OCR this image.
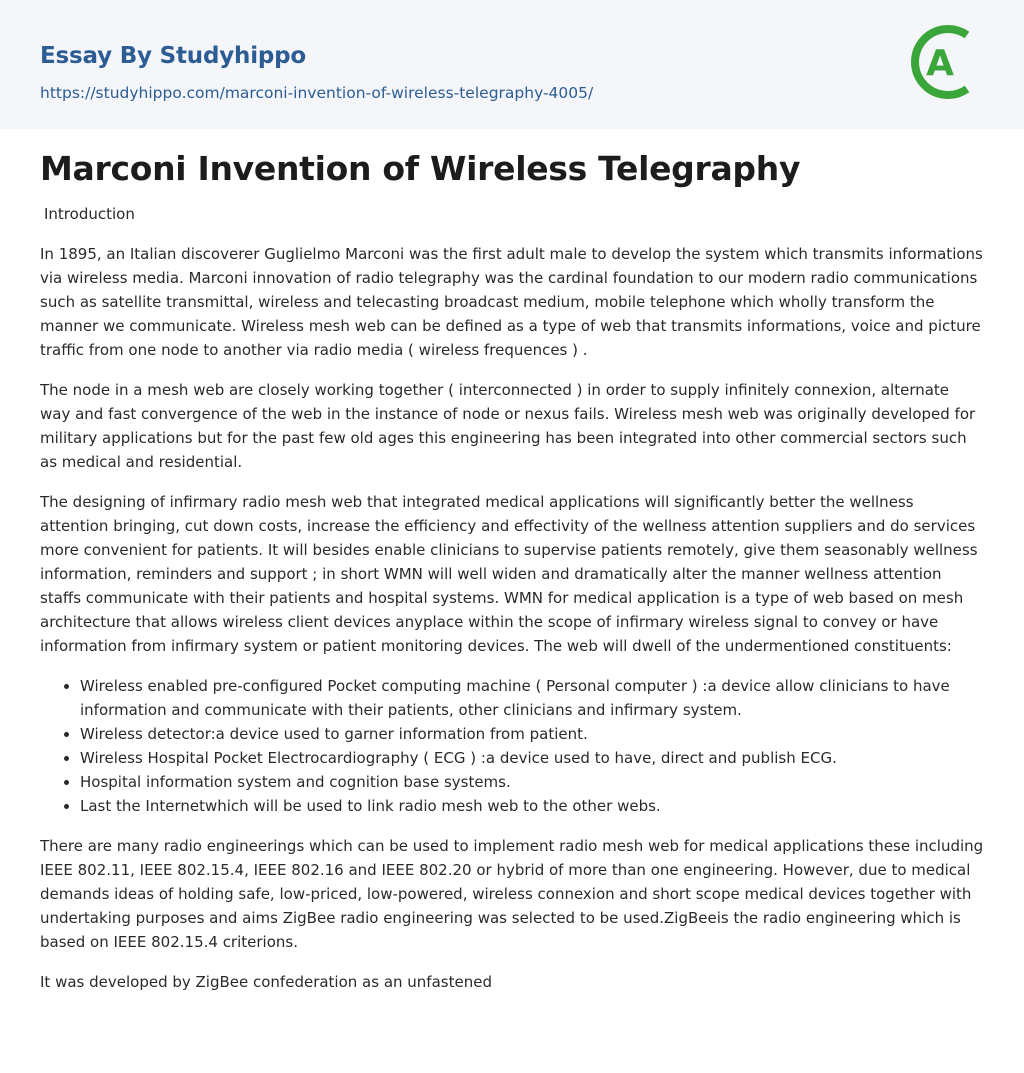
Essay By Studyhippo
https://studyhippo.com/marconi-invention-of-wireless-telegraphy-4005/
A
Marconi Invention of Wireless Telegraphy

Introduction

In 1895, an Italian discoverer Guglielmo Marconi was the first adult male to develop the system which transmits informations via wireless media. Marconi innovation of radio telegraphy was the cardinal foundation to our modern radio communications such as satellite transmittal, wireless and telecasting broadcast medium, mobile telephone which wholly transform the manner we communicate. Wireless mesh web can be defined as a type of web that transmits informations, voice and picture traffic from one node to another via radio media ( wireless frequences ) .

The node in a mesh web are closely working together ( interconnected ) in order to supply infinitely connexion, alternate way and fast convergence of the web in the instance of node or nexus fails. Wireless mesh web was originally developed for military applications but for the past few old ages this engineering has been integrated into other commercial sectors such as medical and residential.

The designing of infirmary radio mesh web that integrated medical applications will significantly better the wellness attention bringing, cut down costs, increase the efficiency and effectivity of the wellness attention suppliers and do services more convenient for patients. It will besides enable clinicians to supervise patients remotely, give them seasonably wellness information, reminders and support ; in short WMN will well widen and dramatically alter the manner wellness attention staffs communicate with their patients and hospital systems. WMN for medical application is a type of web based on mesh architecture that allows wireless client devices anyplace within the scope of infirmary wireless signal to convey or have information from infirmary system or patient monitoring devices. The web will dwell of the undermentioned constituents:

• Wireless enabled pre-configured Pocket computing machine ( Personal computer ) :a device allow clinicians to have information and communicate with their patients, other clinicians and infirmary system.
• Wireless detector:a device used to garner information from patient.
• Wireless Hospital Pocket Electrocardiography ( ECG ) :a device used to have, direct and publish ECG.
• Hospital information system and cognition base systems.
• Last the Internetwhich will be used to link radio mesh web to the other webs.

There are many radio engineerings which can be used to implement radio mesh web for medical applications these including IEEE 802.11, IEEE 802.15.4, IEEE 802.16 and IEEE 802.20 or hybrid of more than one engineering. However, due to medical demands ideas of holding safe, low-priced, low-powered, wireless connexion and short scope medical devices together with undertaking purposes and aims ZigBee radio engineering was selected to be used.ZigBeeis the radio engineering which is based on IEEE 802.15.4 criterions.

It was developed by ZigBee confederation as an unfastened
